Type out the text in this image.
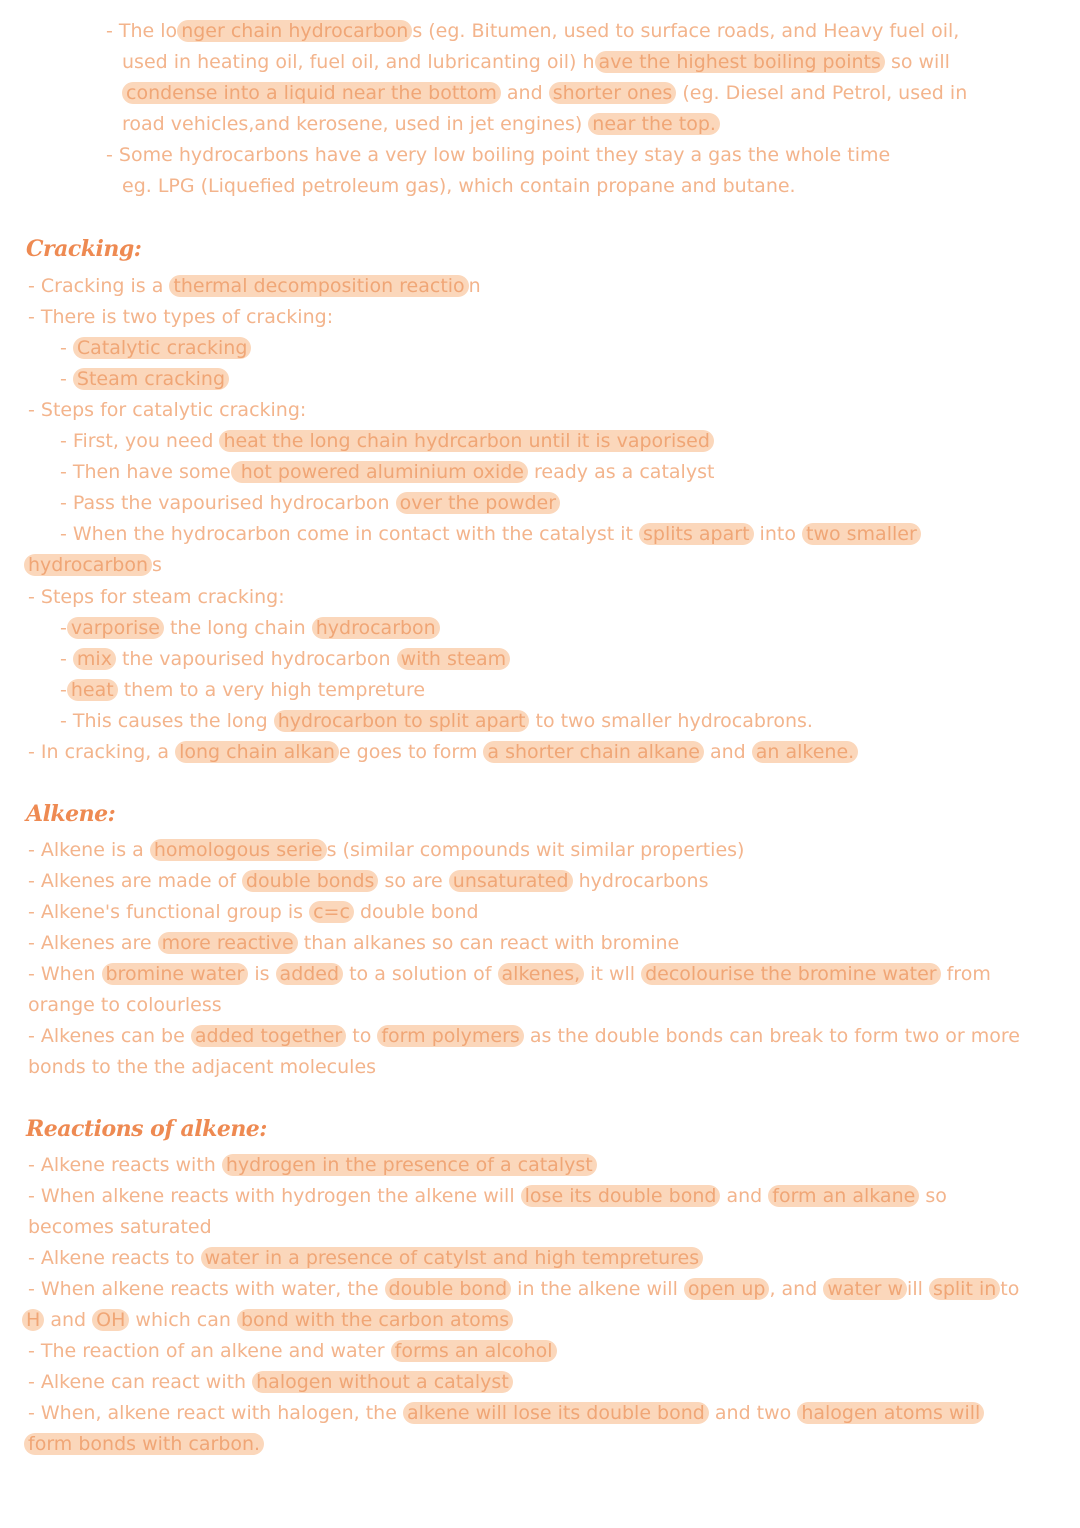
- The lo nger chain hydrocarbon s (eg. Bitumen, used to surface roads, and Heavy fuel oil,
used in heating oil, fuel oil, and lubricanting oil) h ave the highest boiling points so will
condense into a liquid near the bottom and shorter ones (eg. Diesel and Petrol, used in
road vehicles,and kerosene, used in jet engines) near the top.
- Some hydrocarbons have a very low boiling point they stay a gas the whole time
eg. LPG (Liquefied petroleum gas), which contain propane and butane.
Cracking:
- Cracking is a thermal decomposition reactio n
- There is two types of cracking:
- Catalytic cracking
- Steam cracking
- Steps for catalytic cracking:
- First, you need heat the long chain hydrcarbon until it is vaporised
- Then have some hot powered aluminium oxide ready as a catalyst
- Pass the vapourised hydrocarbon over the powder
- When the hydrocarbon come in contact with the catalyst it splits apart into two smaller
hydrocarbon s
- Steps for steam cracking:
- varporise the long chain hydrocarbon
- mix the vapourised hydrocarbon with steam
- heat them to a very high tempreture
- This causes the long hydrocarbon to split apart to two smaller hydrocabrons.
- In cracking, a long chain alkan e goes to form a shorter chain alkane and an alkene.
Alkene:
- Alkene is a homologous serie s (similar compounds wit similar properties)
- Alkenes are made of double bonds so are unsaturated hydrocarbons
- Alkene's functional group is c=c double bond
- Alkenes are more reactive than alkanes so can react with bromine
- When bromine water is added to a solution of alkenes, it wll decolourise the bromine water from
orange to colourless
- Alkenes can be added together to form polymers as the double bonds can break to form two or more
bonds to the the adjacent molecules
Reactions of alkene:
- Alkene reacts with hydrogen in the presence of a catalyst
- When alkene reacts with hydrogen the alkene will lose its double bond and form an alkane so
becomes saturated
- Alkene reacts to water in a presence of catylst and high tempretures
- When alkene reacts with water, the double bond in the alkene will open up , and water w ill split in to
H and OH which can bond with the carbon atoms
- The reaction of an alkene and water forms an alcohol
- Alkene can react with halogen without a catalyst
- When, alkene react with halogen, the alkene will lose its double bond and two halogen atoms will
form bonds with carbon.
